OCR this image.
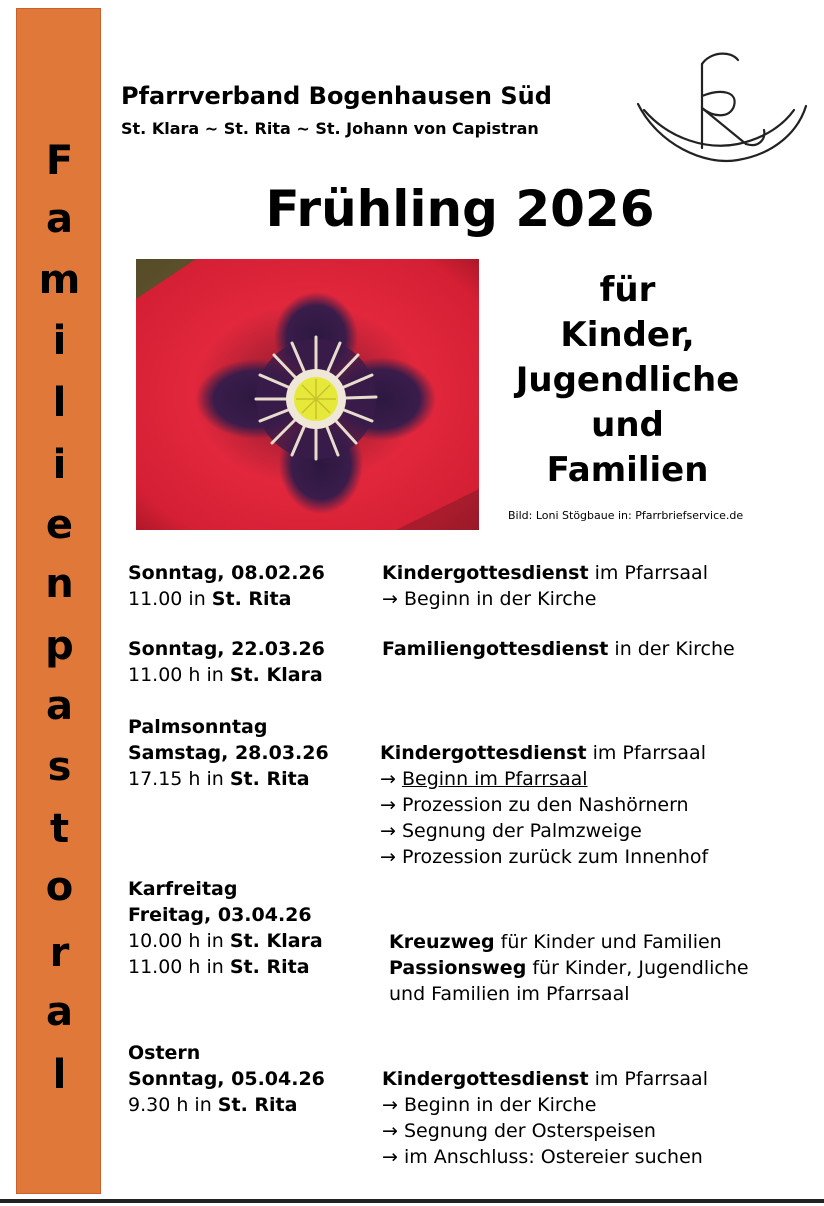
F
a
m
i
l
i
e
n
p
a
s
t
o
r
a
l
Pfarrverband Bogenhausen Süd
St. Klara ~ St. Rita ~ St. Johann von Capistran
Frühling 2026
für
Kinder,
Jugendliche
und
Familien
Bild: Loni Stögbaue in: Pfarrbriefservice.de
Sonntag, 08.02.26
11.00 in St. Rita
Kindergottesdienst im Pfarrsaal
→ Beginn in der Kirche
Sonntag, 22.03.26
11.00 h in St. Klara
Familiengottesdienst in der Kirche
Palmsonntag
Samstag, 28.03.26
17.15 h in St. Rita
Kindergottesdienst im Pfarrsaal
→ Beginn im Pfarrsaal
→ Prozession zu den Nashörnern
→ Segnung der Palmzweige
→ Prozession zurück zum Innenhof
Karfreitag
Freitag, 03.04.26
10.00 h in St. Klara
11.00 h in St. Rita
Kreuzweg für Kinder und Familien
Passionsweg für Kinder, Jugendliche
und Familien im Pfarrsaal
Ostern
Sonntag, 05.04.26
9.30 h in St. Rita
Kindergottesdienst im Pfarrsaal
→ Beginn in der Kirche
→ Segnung der Osterspeisen
→ im Anschluss: Ostereier suchen
